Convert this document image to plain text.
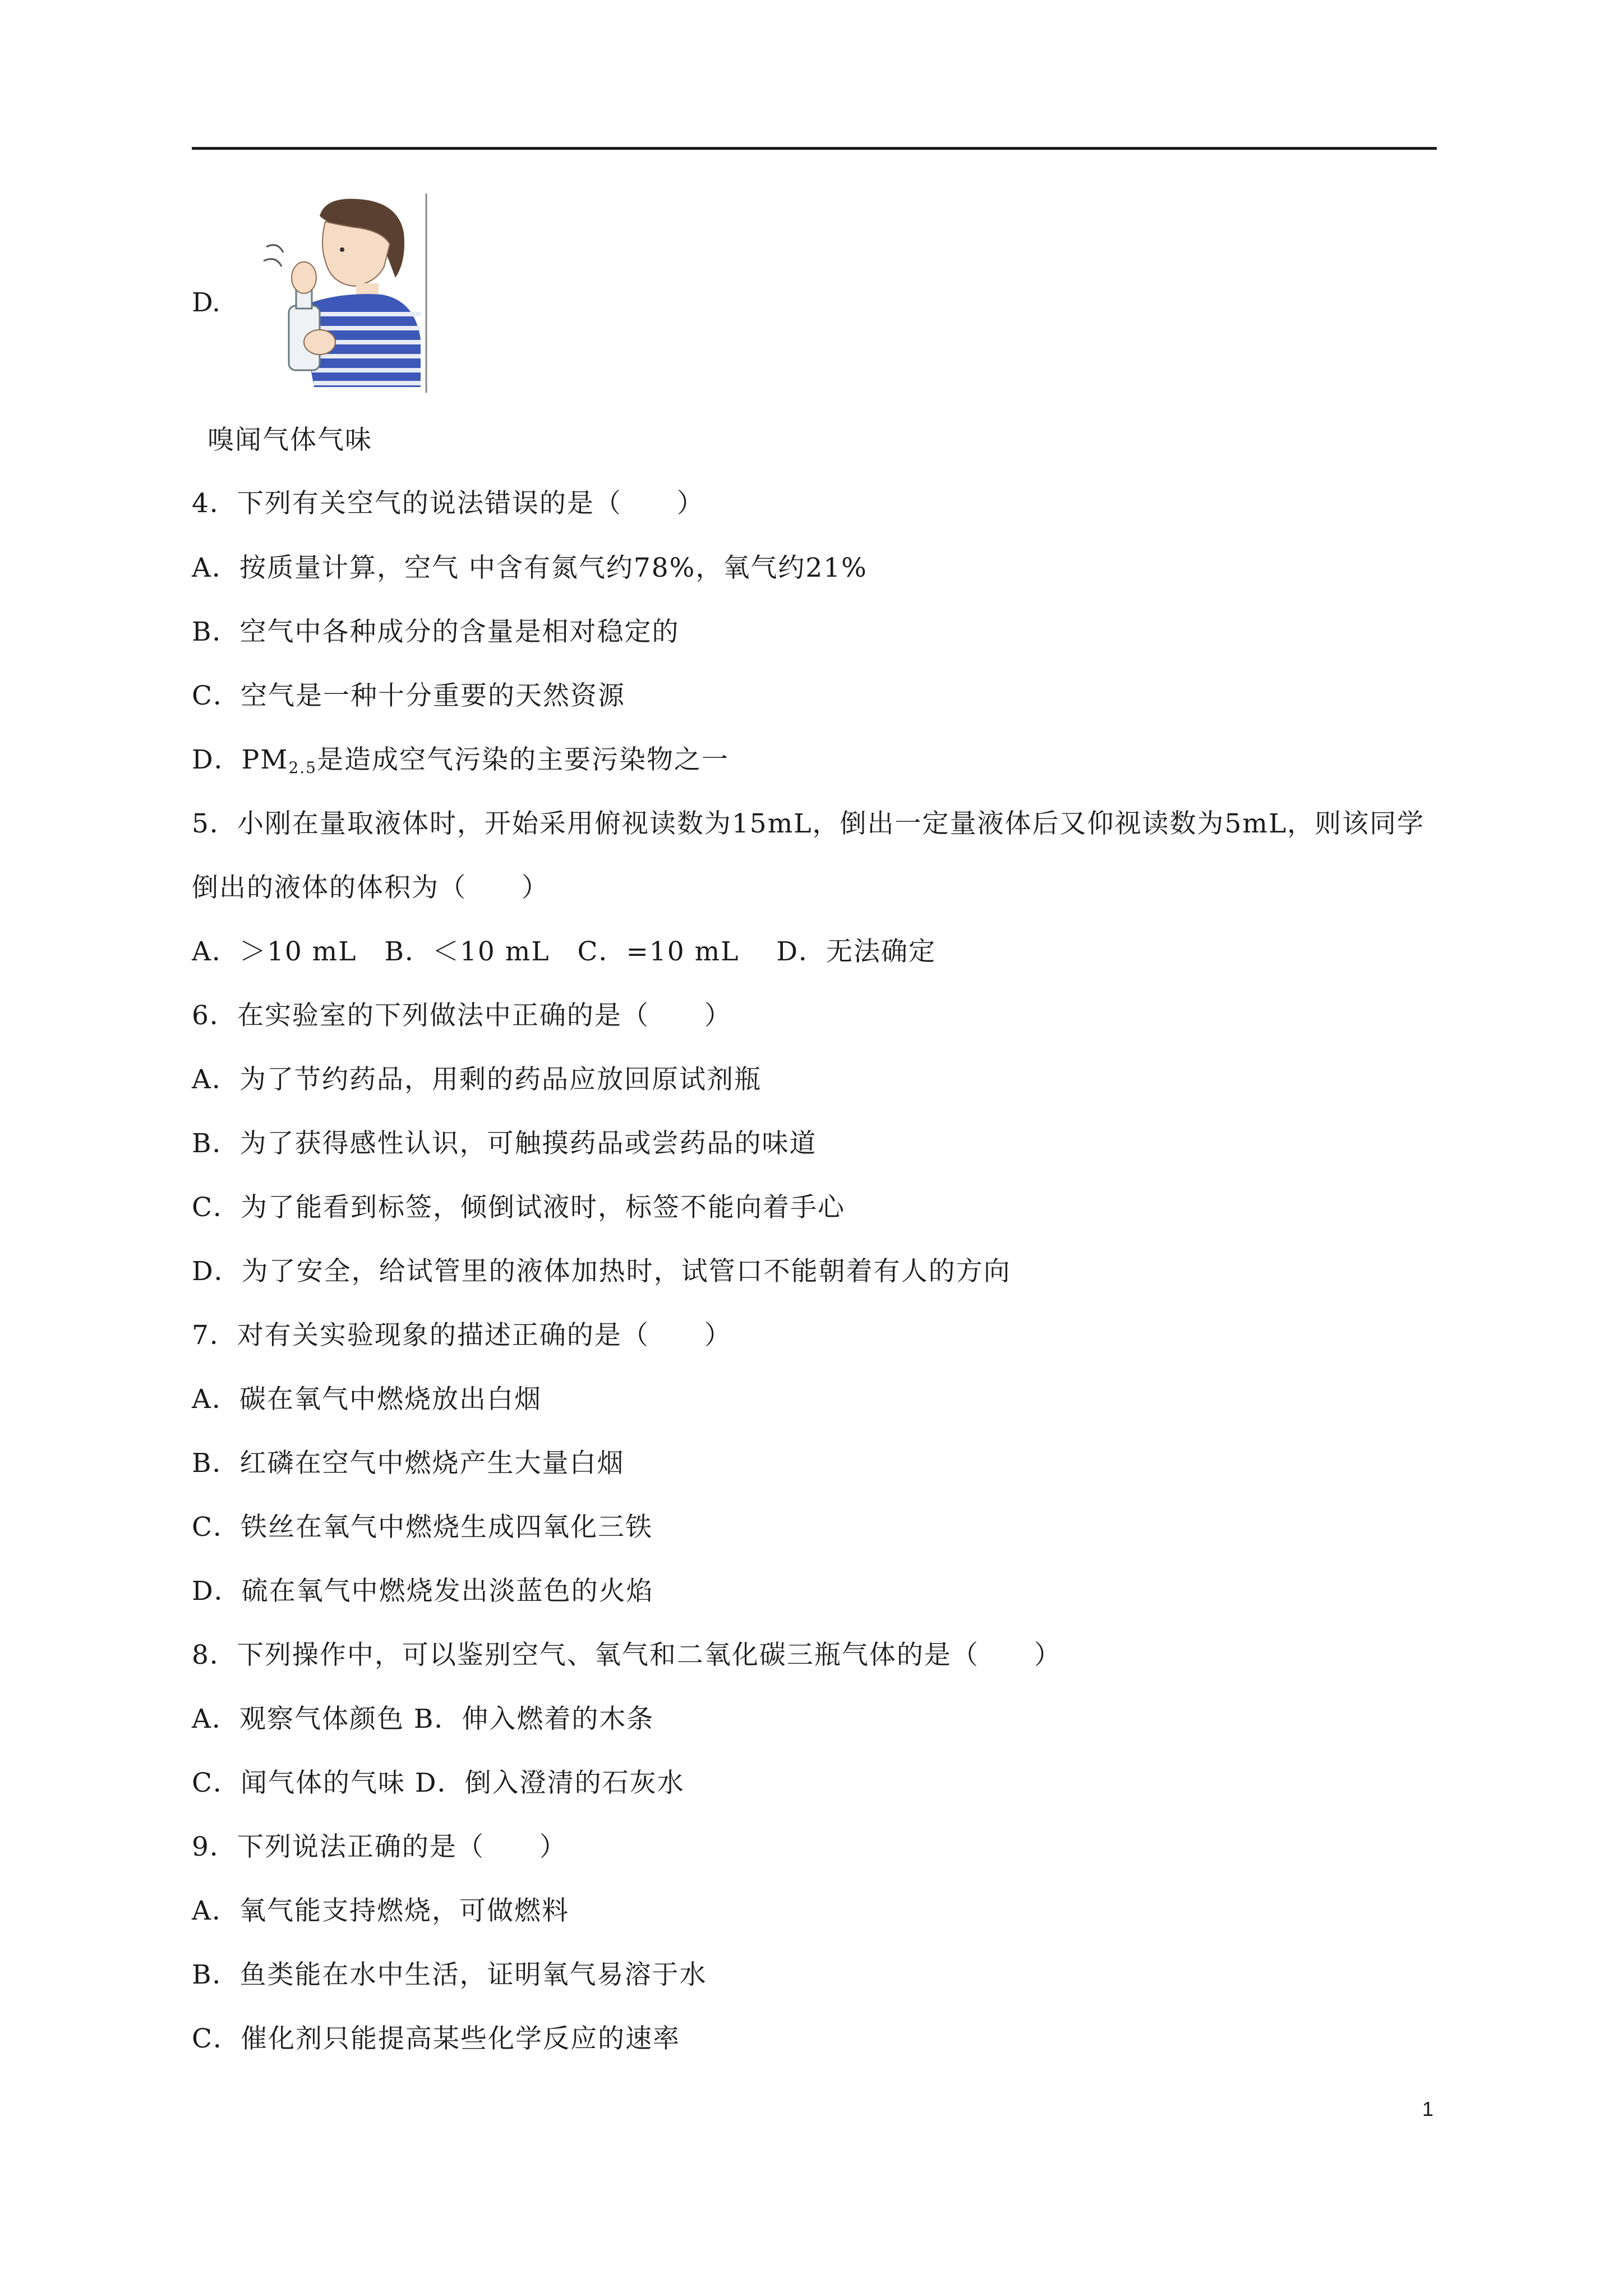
D.
嗅闻气体气味
4．下列有关空气的说法错误的是（　　）
A．按质量计算，空气 中含有氮气约78%，氧气约21%
B．空气中各种成分的含量是相对稳定的
C．空气是一种十分重要的天然资源
D．$PM_{2.5}$是造成空气污染的主要污染物之一
5．小刚在量取液体时，开始采用俯视读数为15mL，倒出一定量液体后又仰视读数为5mL，则该同学
倒出的液体的体积为（　　）
A．＞10 mL　B．＜10 mL　C．=10 mL　 D．无法确定
6．在实验室的下列做法中正确的是（　　）
A．为了节约药品，用剩的药品应放回原试剂瓶
B．为了获得感性认识，可触摸药品或尝药品的味道
C．为了能看到标签，倾倒试液时，标签不能向着手心
D．为了安全，给试管里的液体加热时，试管口不能朝着有人的方向
7．对有关实验现象的描述正确的是（　　）
A．碳在氧气中燃烧放出白烟
B．红磷在空气中燃烧产生大量白烟
C．铁丝在氧气中燃烧生成四氧化三铁
D．硫在氧气中燃烧发出淡蓝色的火焰
8．下列操作中，可以鉴别空气、氧气和二氧化碳三瓶气体的是（　　）
A．观察气体颜色 B．伸入燃着的木条
C．闻气体的气味 D．倒入澄清的石灰水
9．下列说法正确的是（　　）
A．氧气能支持燃烧，可做燃料
B．鱼类能在水中生活，证明氧气易溶于水
C．催化剂只能提高某些化学反应的速率
1
